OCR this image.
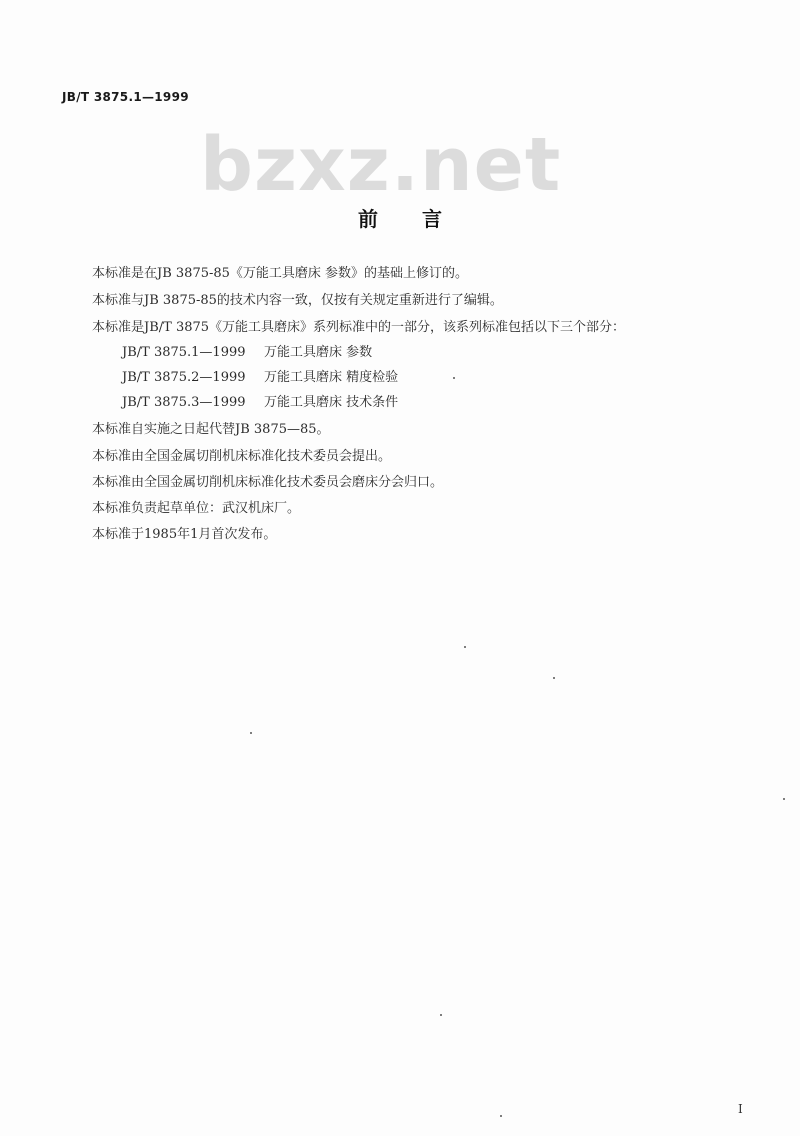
JB/T 3875.1—1999
bzxz.net
前言
本标准是在JB 3875-85《万能工具磨床 参数》的基础上修订的。
本标准与JB 3875-85的技术内容一致，仅按有关规定重新进行了编辑。
本标准是JB/T 3875《万能工具磨床》系列标准中的一部分，该系列标准包括以下三个部分：
JB/T 3875.1—1999 万能工具磨床 参数
JB/T 3875.2—1999 万能工具磨床 精度检验
JB/T 3875.3—1999 万能工具磨床 技术条件
本标准自实施之日起代替JB 3875—85。
本标准由全国金属切削机床标准化技术委员会提出。
本标准由全国金属切削机床标准化技术委员会磨床分会归口。
本标准负责起草单位：武汉机床厂。
本标准于1985年1月首次发布。
I
